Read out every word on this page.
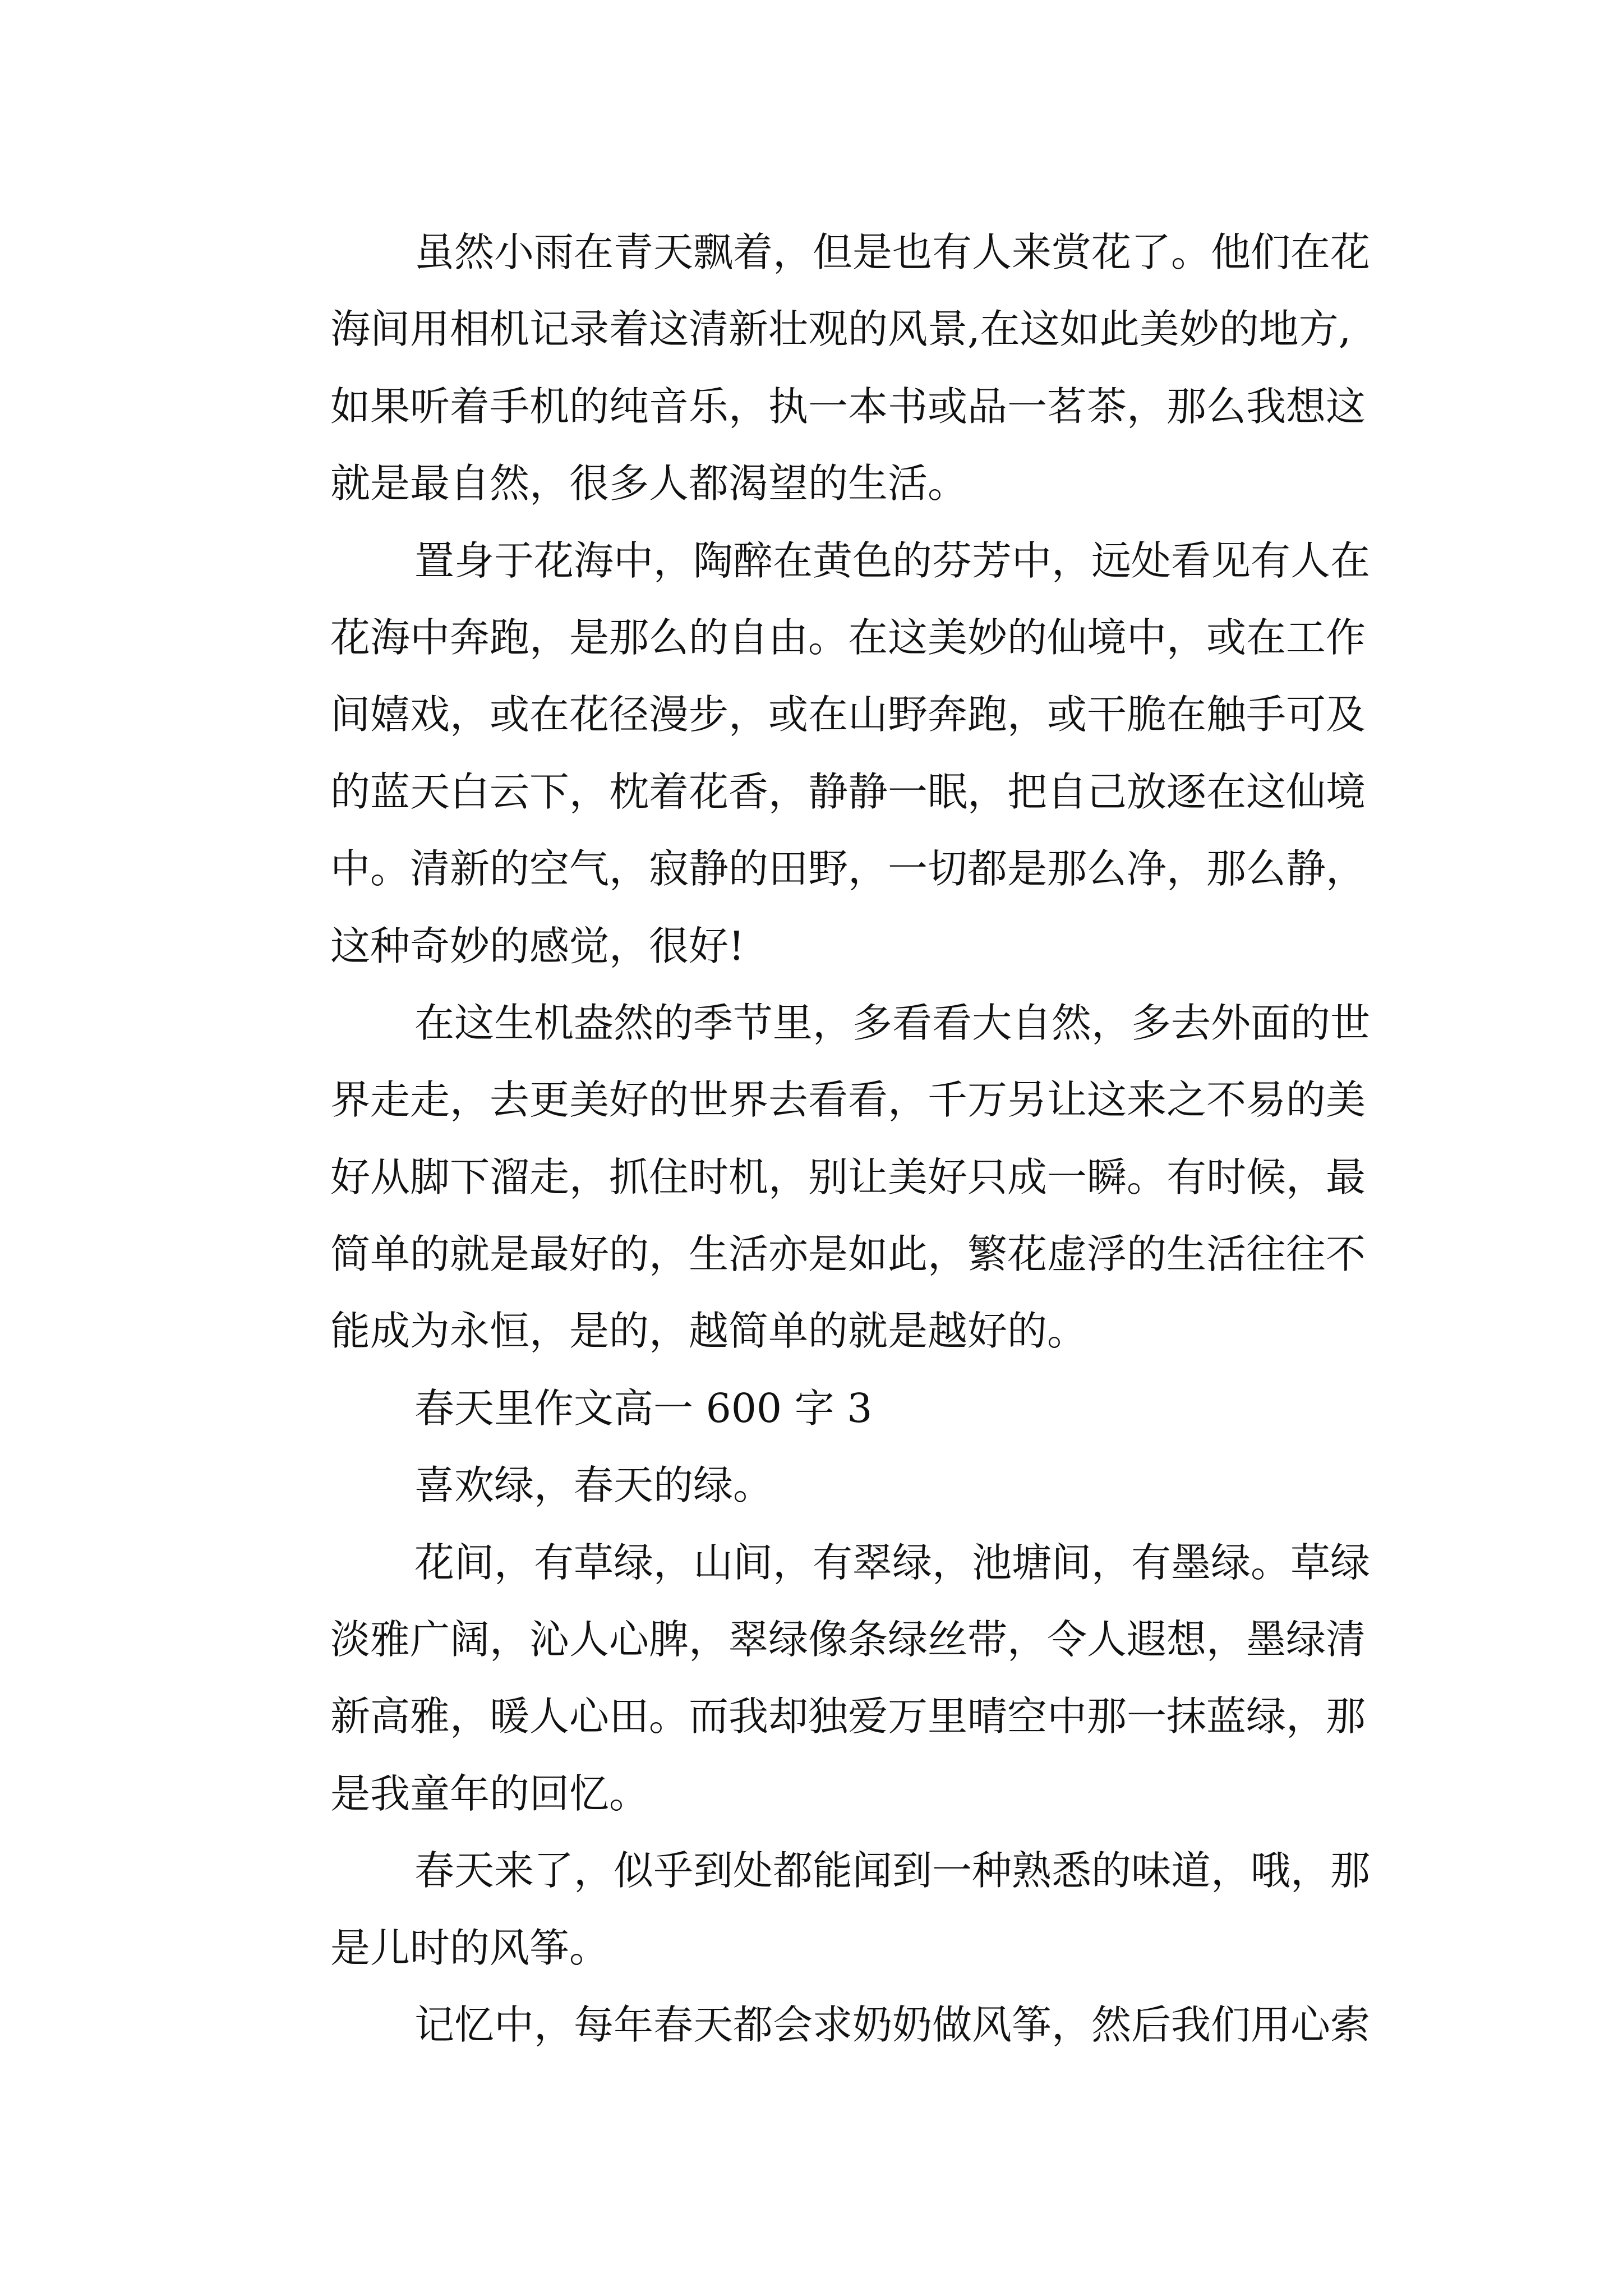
虽然小雨在青天飘着，但是也有人来赏花了。他们在花
海间用相机记录着这清新壮观的风景,在这如此美妙的地方,
如果听着手机的纯音乐，执一本书或品一茗茶，那么我想这
就是最自然，很多人都渴望的生活。
置身于花海中，陶醉在黄色的芬芳中，远处看见有人在
花海中奔跑，是那么的自由。在这美妙的仙境中，或在工作
间嬉戏，或在花径漫步，或在山野奔跑，或干脆在触手可及
的蓝天白云下，枕着花香，静静一眠，把自己放逐在这仙境
中。清新的空气，寂静的田野，一切都是那么净，那么静，
这种奇妙的感觉，很好!
在这生机盎然的季节里，多看看大自然，多去外面的世
界走走，去更美好的世界去看看，千万另让这来之不易的美
好从脚下溜走，抓住时机，别让美好只成一瞬。有时候，最
简单的就是最好的，生活亦是如此，繁花虚浮的生活往往不
能成为永恒，是的，越简单的就是越好的。
春天里作文高一 600 字 3
喜欢绿，春天的绿。
花间，有草绿，山间，有翠绿，池塘间，有墨绿。草绿
淡雅广阔，沁人心脾，翠绿像条绿丝带，令人遐想，墨绿清
新高雅，暖人心田。而我却独爱万里晴空中那一抹蓝绿，那
是我童年的回忆。
春天来了，似乎到处都能闻到一种熟悉的味道，哦，那
是儿时的风筝。
记忆中，每年春天都会求奶奶做风筝，然后我们用心索
